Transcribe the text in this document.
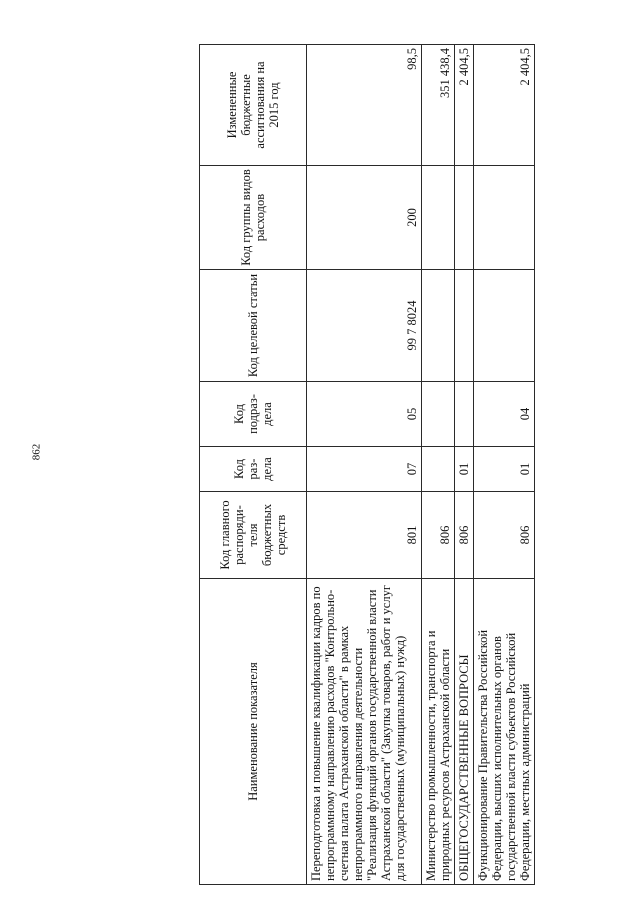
862
Наименование показателя	Код главного распоряди-теля бюджетных средств	Код раз-дела	Код подраз-дела	Код целевой статьи	Код группы видов расходов	Измененные бюджетные ассигнования на 2015 год
Переподготовка и повышение квалификации кадров по непрограммному направлению расходов "Контрольно-счетная палата Астраханской области" в рамках непрограммного направления деятельности "Реализация функций органов государственной власти Астраханской области" (Закупка товаров, работ и услуг для государственных (муниципальных) нужд)	801	07	05	99 7 8024	200	98,5
Министерство промышленности, транспорта и природных ресурсов Астраханской области	806					351 438,4
ОБЩЕГОСУДАРСТВЕННЫЕ ВОПРОСЫ	806	01				2 404,5
Функционирование Правительства Российской Федерации, высших исполнительных органов государственной власти субъектов Российской Федерации, местных администраций	806	01	04			2 404,5
